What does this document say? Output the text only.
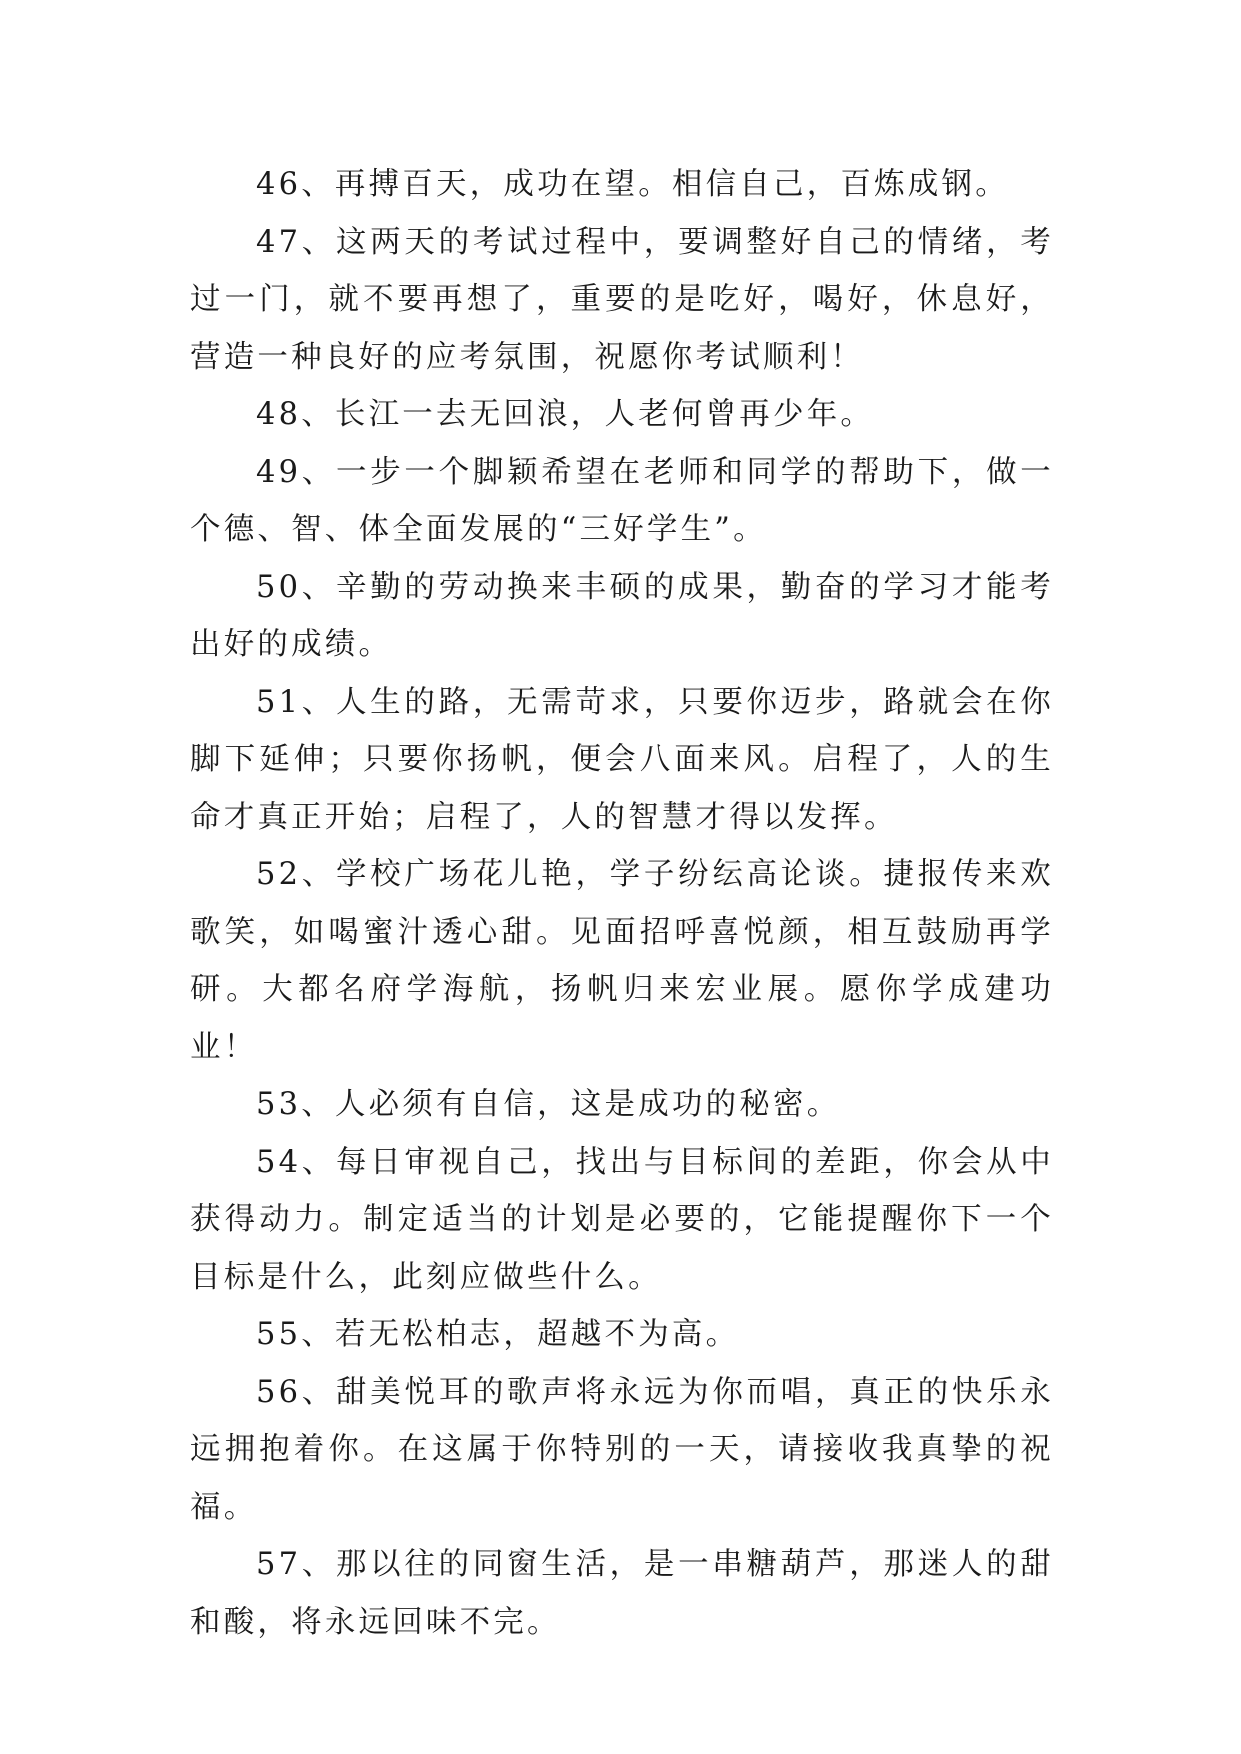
46、再搏百天，成功在望。相信自己，百炼成钢。

47、这两天的考试过程中，要调整好自己的情绪，考过一门，就不要再想了，重要的是吃好，喝好，休息好，营造一种良好的应考氛围，祝愿你考试顺利！

48、长江一去无回浪，人老何曾再少年。

49、一步一个脚颖希望在老师和同学的帮助下，做一个德、智、体全面发展的“三好学生”。

50、辛勤的劳动换来丰硕的成果，勤奋的学习才能考出好的成绩。

51、人生的路，无需苛求，只要你迈步，路就会在你脚下延伸；只要你扬帆，便会八面来风。启程了，人的生命才真正开始；启程了，人的智慧才得以发挥。

52、学校广场花儿艳，学子纷纭高论谈。捷报传来欢歌笑，如喝蜜汁透心甜。见面招呼喜悦颜，相互鼓励再学研。大都名府学海航，扬帆归来宏业展。愿你学成建功业！

53、人必须有自信，这是成功的秘密。

54、每日审视自己，找出与目标间的差距，你会从中获得动力。制定适当的计划是必要的，它能提醒你下一个目标是什么，此刻应做些什么。

55、若无松柏志，超越不为高。

56、甜美悦耳的歌声将永远为你而唱，真正的快乐永远拥抱着你。在这属于你特别的一天，请接收我真挚的祝福。

57、那以往的同窗生活，是一串糖葫芦，那迷人的甜和酸，将永远回味不完。
